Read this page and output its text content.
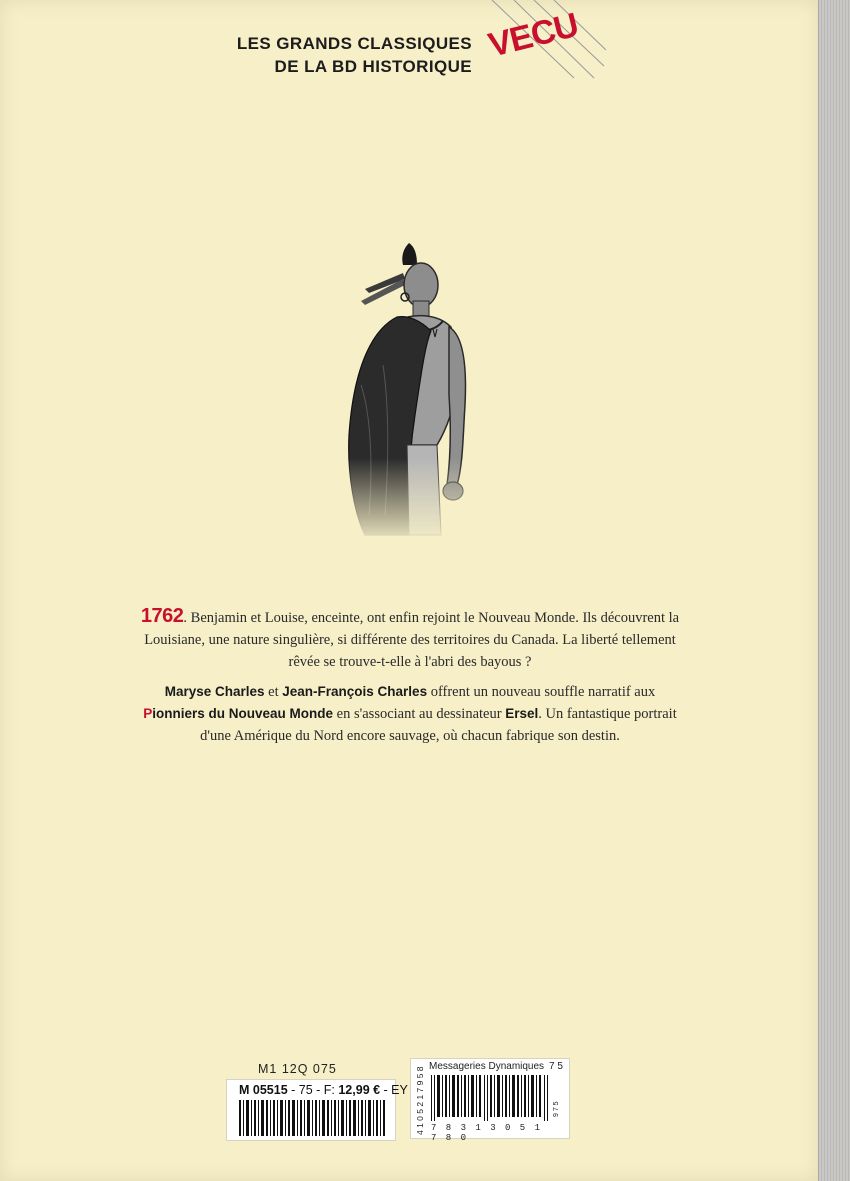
LES GRANDS CLASSIQUES
DE LA BD HISTORIQUE
VECU

1762. Benjamin et Louise, enceinte, ont enfin rejoint le Nouveau Monde. Ils découvrent la Louisiane, une nature singulière, si différente des territoires du Canada. La liberté tellement rêvée se trouve-t-elle à l'abri des bayous ?

Maryse Charles et Jean-François Charles offrent un nouveau souffle narratif aux Pionniers du Nouveau Monde en s'associant au dessinateur Ersel. Un fantastique portrait d'une Amérique du Nord encore sauvage, où chacun fabrique son destin.

M1 12Q 075
M 05515 - 75 - F: 12,99 € - EY
Messageries Dynamiques 7 5
4 1 0 5 2 1 7 9 5 8	9 7 5
7 8 3 1 3 0 5 1 7 8 0
